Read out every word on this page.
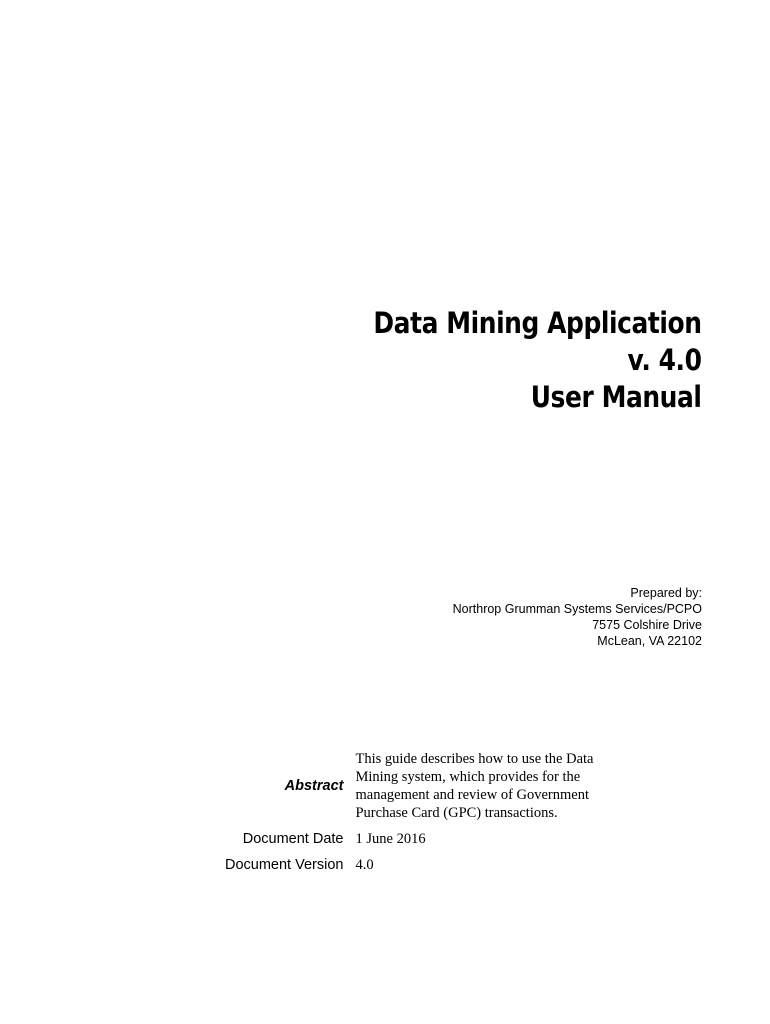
Data Mining Application
v. 4.0
User Manual
Prepared by:
Northrop Grumman Systems Services/PCPO
7575 Colshire Drive
McLean, VA 22102
Abstract	This guide describes how to use the Data Mining system, which provides for the management and review of Government Purchase Card (GPC) transactions.
Document Date	1 June 2016
Document Version	4.0
